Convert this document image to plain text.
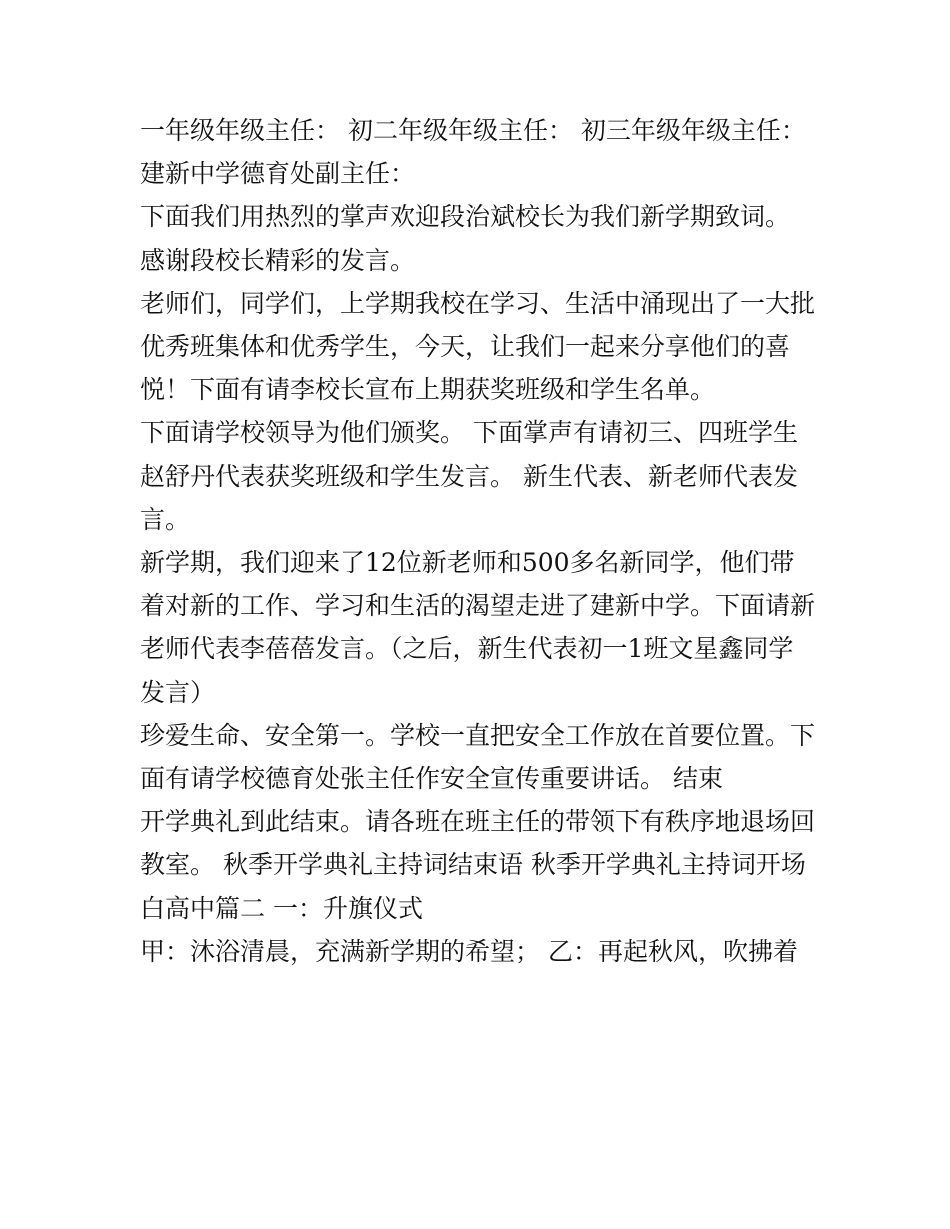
一年级年级主任： 初二年级年级主任： 初三年级年级主任：
建新中学德育处副主任：
下面我们用热烈的掌声欢迎段治斌校长为我们新学期致词。
感谢段校长精彩的发言。
老师们，同学们，上学期我校在学习、生活中涌现出了一大批
优秀班集体和优秀学生，今天，让我们一起来分享他们的喜
悦！下面有请李校长宣布上期获奖班级和学生名单。
下面请学校领导为他们颁奖。 下面掌声有请初三、四班学生
赵舒丹代表获奖班级和学生发言。 新生代表、新老师代表发
言。
新学期，我们迎来了12位新老师和500多名新同学，他们带
着对新的工作、学习和生活的渴望走进了建新中学。下面请新
老师代表李蓓蓓发言。（之后，新生代表初一1班文星鑫同学
发言）
珍爱生命、安全第一。学校一直把安全工作放在首要位置。下
面有请学校德育处张主任作安全宣传重要讲话。 结束
开学典礼到此结束。请各班在班主任的带领下有秩序地退场回
教室。 秋季开学典礼主持词结束语 秋季开学典礼主持词开场
白高中篇二 一：升旗仪式
甲：沐浴清晨，充满新学期的希望； 乙：再起秋风，吹拂着
